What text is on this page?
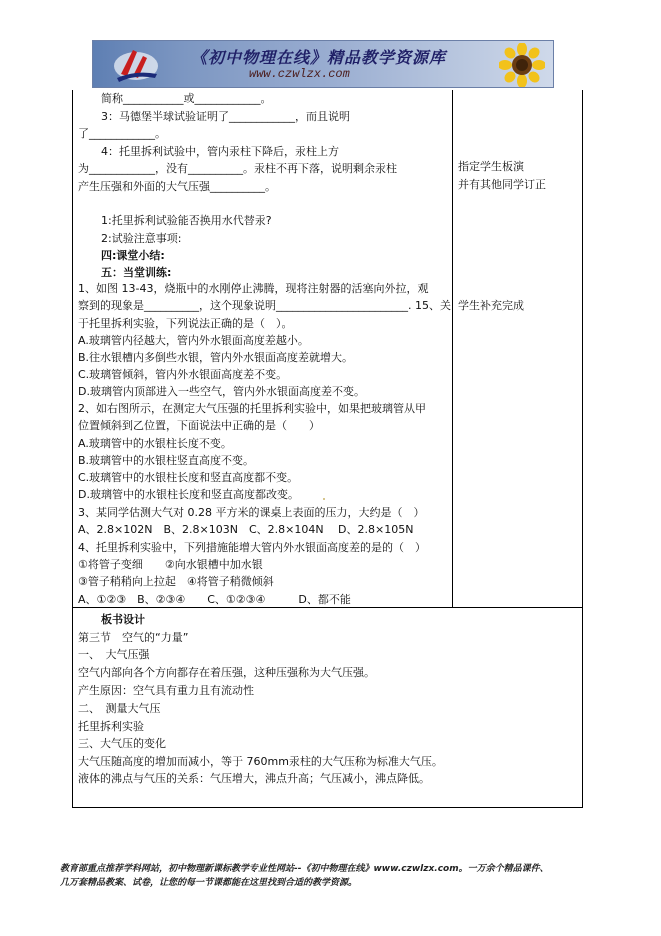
《初中物理在线》精品教学资源库
www.czwlzx.com
简称___________或____________。
3：马德堡半球试验证明了____________，而且说明
了____________。
4：托里拆利试验中，管内汞柱下降后，汞柱上方
为____________，没有__________。汞柱不再下落，说明剩余汞柱
产生压强和外面的大气压强__________。
1:托里拆利试验能否换用水代替汞?
2:试验注意事项:
四:课堂小结:
五：当堂训练:
1、如图 13-43，烧瓶中的水刚停止沸腾，现将注射器的活塞向外拉，观
察到的现象是__________，这个现象说明________________________. 15、关
于托里拆利实验，下列说法正确的是（　）。
A.玻璃管内径越大，管内外水银面高度差越小。
B.往水银槽内多倒些水银，管内外水银面高度差就增大。
C.玻璃管倾斜，管内外水银面高度差不变。
D.玻璃管内顶部进入一些空气，管内外水银面高度差不变。
2、如右图所示，在测定大气压强的托里拆利实验中，如果把玻璃管从甲
位置倾斜到乙位置，下面说法中正确的是（　　）
A.玻璃管中的水银柱长度不变。
B.玻璃管中的水银柱竖直高度不变。
C.玻璃管中的水银柱长度和竖直高度都不变。
D.玻璃管中的水银柱长度和竖直高度都改变。
3、某同学估测大气对 0.28 平方米的课桌上表面的压力，大约是（　）
A、2.8×102N　B、2.8×103N　C、2.8×104N　 D、2.8×105N
4、托里拆利实验中，下列措施能增大管内外水银面高度差的是的（　）
①将管子变细　　②向水银槽中加水银
③管子稍稍向上拉起　④将管子稍微倾斜
A、①②③　B、②③④　　C、①②③④　　　D、都不能
指定学生板演
并有其他同学订正
学生补充完成
板书设计
第三节　空气的“力量”
一、　大气压强
空气内部向各个方向都存在着压强，这种压强称为大气压强。
产生原因：空气具有重力且有流动性
二、　测量大气压
托里拆利实验
三、大气压的变化
大气压随高度的增加而减小，等于 760mm汞柱的大气压称为标准大气压。
液体的沸点与气压的关系：气压增大，沸点升高；气压减小，沸点降低。
教育部重点推荐学科网站，初中物理新课标教学专业性网站--《初中物理在线》www.czwlzx.com。一万余个精品课件、
几万套精品教案、试卷，让您的每一节课都能在这里找到合适的教学资源。
